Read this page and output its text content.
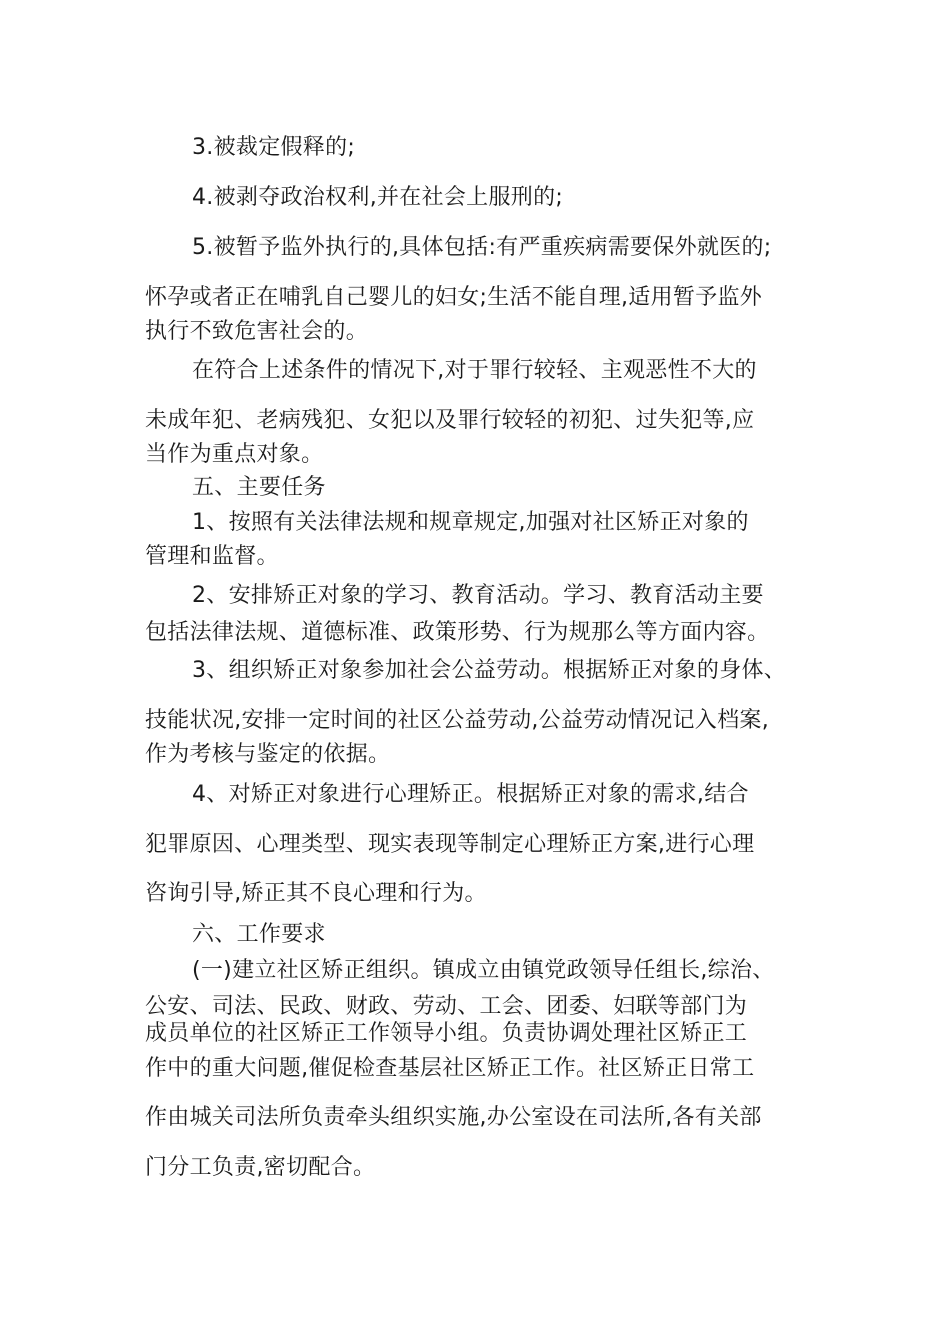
3.被裁定假释的;

4.被剥夺政治权利,并在社会上服刑的;

5.被暂予监外执行的,具体包括:有严重疾病需要保外就医的;

怀孕或者正在哺乳自己婴儿的妇女;生活不能自理,适用暂予监外

执行不致危害社会的。

在符合上述条件的情况下,对于罪行较轻、主观恶性不大的

未成年犯、老病残犯、女犯以及罪行较轻的初犯、过失犯等,应

当作为重点对象。

五、主要任务

1、按照有关法律法规和规章规定,加强对社区矫正对象的

管理和监督。

2、安排矫正对象的学习、教育活动。学习、教育活动主要

包括法律法规、道德标准、政策形势、行为规那么等方面内容。

3、组织矫正对象参加社会公益劳动。根据矫正对象的身体、

技能状况,安排一定时间的社区公益劳动,公益劳动情况记入档案,

作为考核与鉴定的依据。

4、对矫正对象进行心理矫正。根据矫正对象的需求,结合

犯罪原因、心理类型、现实表现等制定心理矫正方案,进行心理

咨询引导,矫正其不良心理和行为。

六、工作要求

(一)建立社区矫正组织。镇成立由镇党政领导任组长,综治、

公安、司法、民政、财政、劳动、工会、团委、妇联等部门为

成员单位的社区矫正工作领导小组。负责协调处理社区矫正工

作中的重大问题,催促检查基层社区矫正工作。社区矫正日常工

作由城关司法所负责牵头组织实施,办公室设在司法所,各有关部

门分工负责,密切配合。
